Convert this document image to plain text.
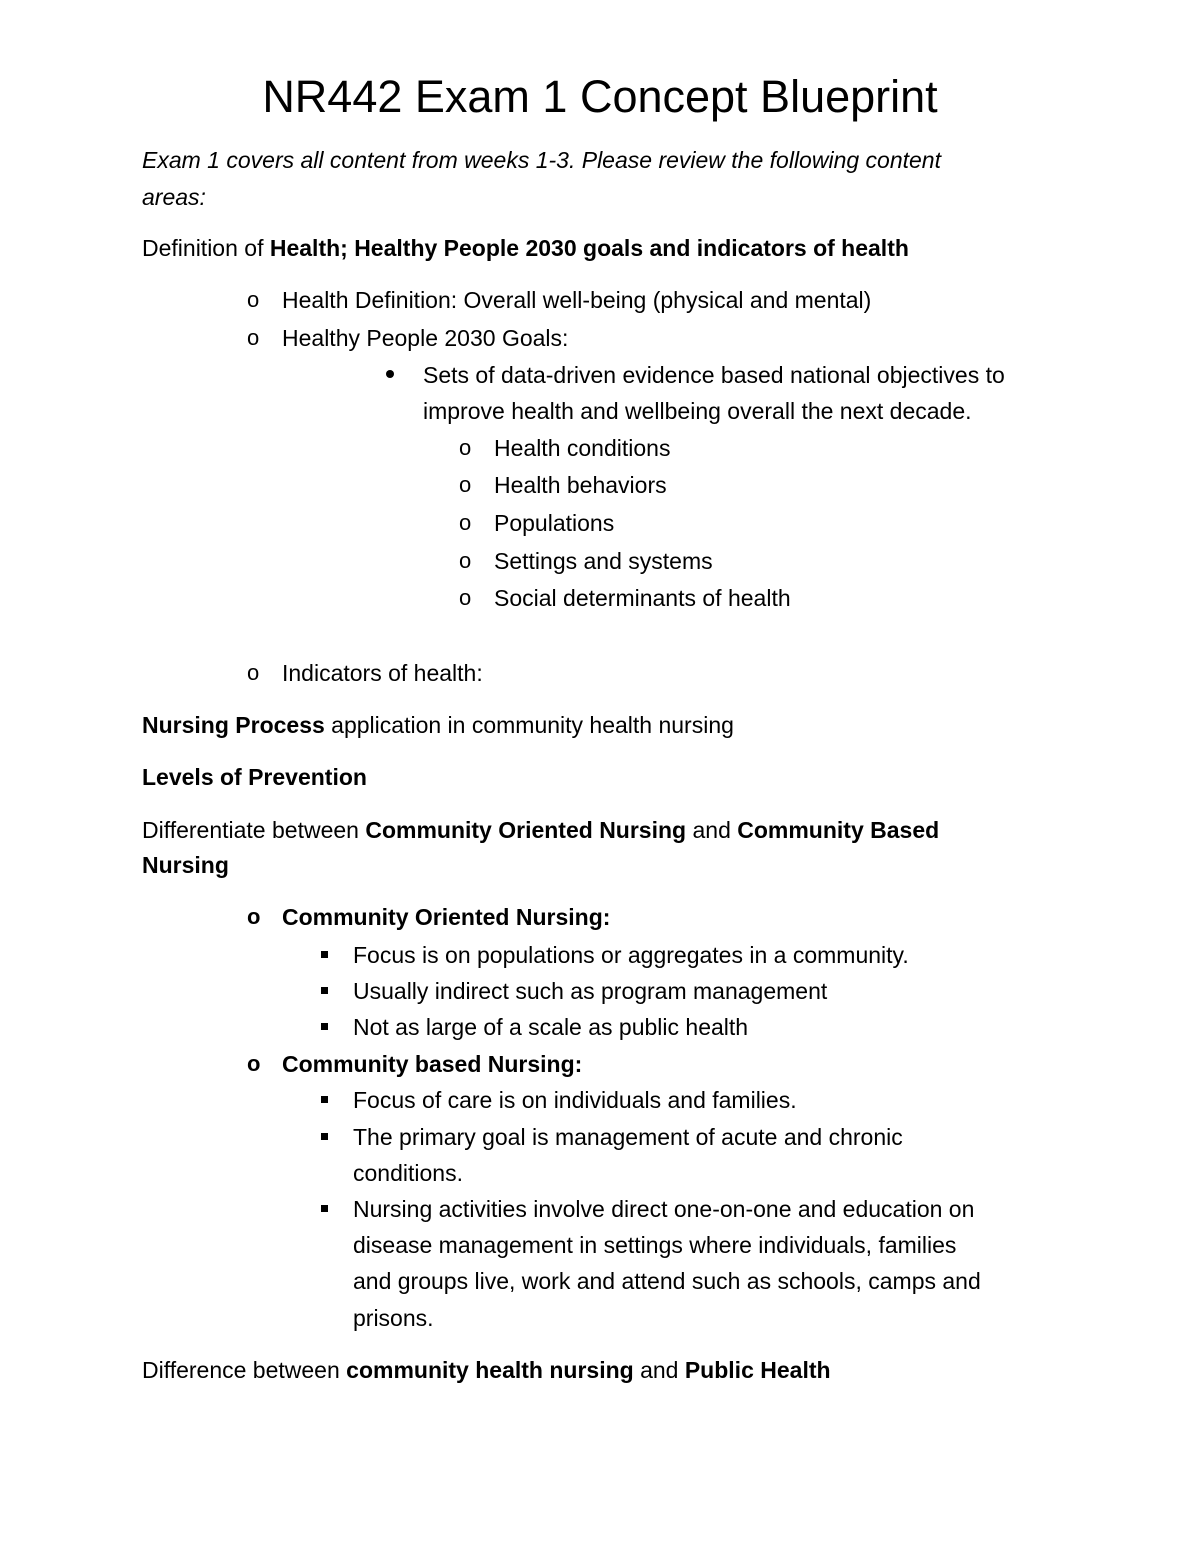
NR442 Exam 1 Concept Blueprint
Exam 1 covers all content from weeks 1-3. Please review the following content
areas:
Definition of Health; Healthy People 2030 goals and indicators of health
o Health Definition: Overall well-being (physical and mental)
o Healthy People 2030 Goals:
Sets of data-driven evidence based national objectives to
improve health and wellbeing overall the next decade.
o Health conditions
o Health behaviors
o Populations
o Settings and systems
o Social determinants of health
o Indicators of health:
Nursing Process application in community health nursing
Levels of Prevention
Differentiate between Community Oriented Nursing and Community Based
Nursing
o Community Oriented Nursing:
Focus is on populations or aggregates in a community.
Usually indirect such as program management
Not as large of a scale as public health
o Community based Nursing:
Focus of care is on individuals and families.
The primary goal is management of acute and chronic
conditions.
Nursing activities involve direct one-on-one and education on
disease management in settings where individuals, families
and groups live, work and attend such as schools, camps and
prisons.
Difference between community health nursing and Public Health
